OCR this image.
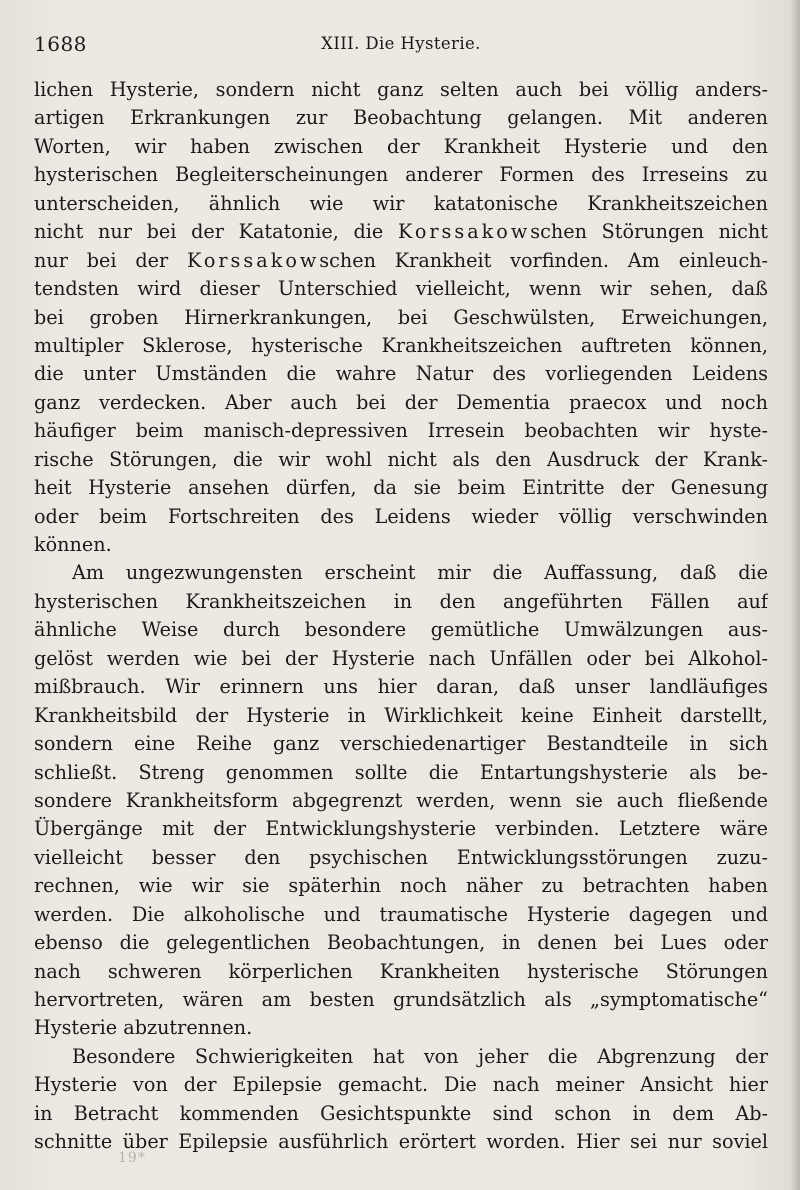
1688	XIII. Die Hysterie.
lichen Hysterie, sondern nicht ganz selten auch bei völlig anders-
artigen Erkrankungen zur Beobachtung gelangen. Mit anderen
Worten, wir haben zwischen der Krankheit Hysterie und den
hysterischen Begleiterscheinungen anderer Formen des Irreseins zu
unterscheiden, ähnlich wie wir katatonische Krankheitszeichen
nicht nur bei der Katatonie, die Korssakowschen Störungen nicht
nur bei der Korssakowschen Krankheit vorfinden. Am einleuch-
tendsten wird dieser Unterschied vielleicht, wenn wir sehen, daß
bei groben Hirnerkrankungen, bei Geschwülsten, Erweichungen,
multipler Sklerose, hysterische Krankheitszeichen auftreten können,
die unter Umständen die wahre Natur des vorliegenden Leidens
ganz verdecken. Aber auch bei der Dementia praecox und noch
häufiger beim manisch-depressiven Irresein beobachten wir hyste-
rische Störungen, die wir wohl nicht als den Ausdruck der Krank-
heit Hysterie ansehen dürfen, da sie beim Eintritte der Genesung
oder beim Fortschreiten des Leidens wieder völlig verschwinden
können.
Am ungezwungensten erscheint mir die Auffassung, daß die
hysterischen Krankheitszeichen in den angeführten Fällen auf
ähnliche Weise durch besondere gemütliche Umwälzungen aus-
gelöst werden wie bei der Hysterie nach Unfällen oder bei Alkohol-
mißbrauch. Wir erinnern uns hier daran, daß unser landläufiges
Krankheitsbild der Hysterie in Wirklichkeit keine Einheit darstellt,
sondern eine Reihe ganz verschiedenartiger Bestandteile in sich
schließt. Streng genommen sollte die Entartungshysterie als be-
sondere Krankheitsform abgegrenzt werden, wenn sie auch fließende
Übergänge mit der Entwicklungshysterie verbinden. Letztere wäre
vielleicht besser den psychischen Entwicklungsstörungen zuzu-
rechnen, wie wir sie späterhin noch näher zu betrachten haben
werden. Die alkoholische und traumatische Hysterie dagegen und
ebenso die gelegentlichen Beobachtungen, in denen bei Lues oder
nach schweren körperlichen Krankheiten hysterische Störungen
hervortreten, wären am besten grundsätzlich als „symptomatische“
Hysterie abzutrennen.
Besondere Schwierigkeiten hat von jeher die Abgrenzung der
Hysterie von der Epilepsie gemacht. Die nach meiner Ansicht hier
in Betracht kommenden Gesichtspunkte sind schon in dem Ab-
schnitte über Epilepsie ausführlich erörtert worden. Hier sei nur soviel
19*
